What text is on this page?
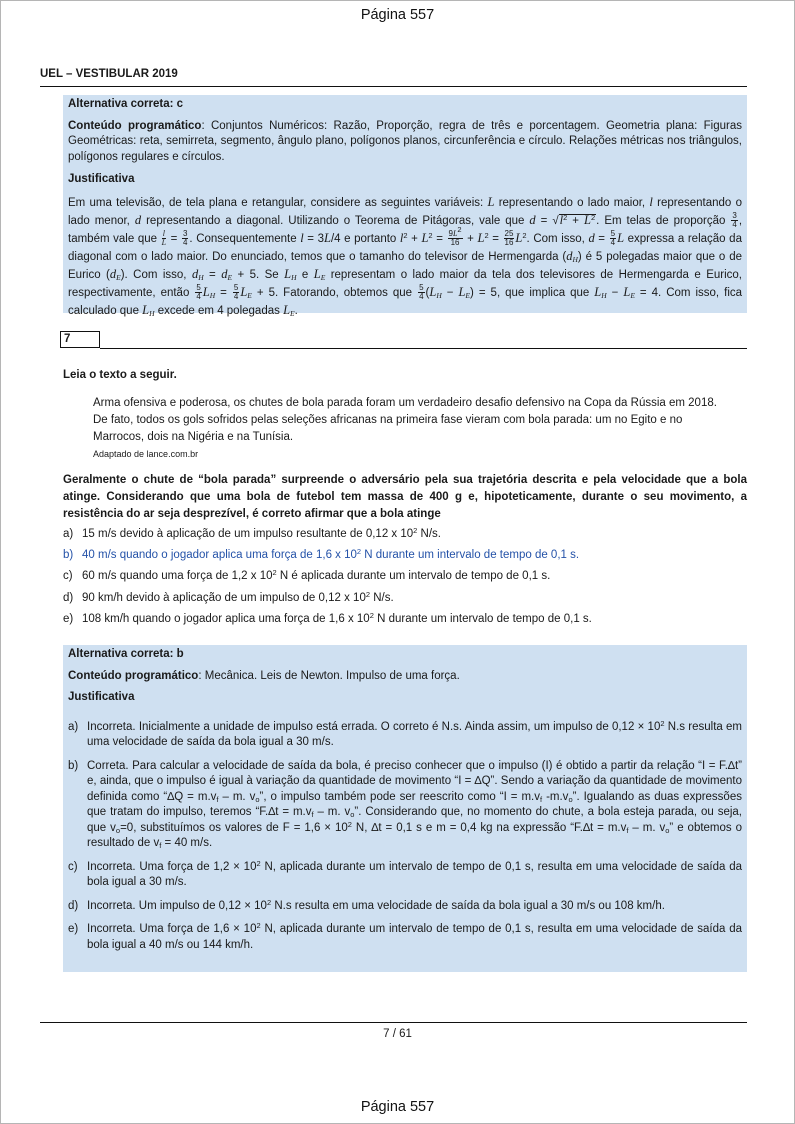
Página 557
UEL – VESTIBULAR 2019
Alternativa correta: c

Conteúdo programático: Conjuntos Numéricos: Razão, Proporção, regra de três e porcentagem. Geometria plana: Figuras Geométricas: reta, semirreta, segmento, ângulo plano, polígonos planos, circunferência e círculo. Relações métricas nos triângulos, polígonos regulares e círculos.

Justificativa

Em uma televisão, de tela plana e retangular, considere as seguintes variáveis: L representando o lado maior, l representando o lado menor, d representando a diagonal. Utilizando o Teorema de Pitágoras, vale que $d = √l^2 + L^2$. Em telas de proporção $\frac{3}{4}$ , também vale que $\frac{l}{L} = \frac{3}{4}$ . Consequentemente l = 3L/4 e portanto $l^2 + L^2 = \frac{9L^2}{16} + L^2 = \frac{25}{16} L^2$. Com isso, $d = \frac{5}{4}$ L expressa a relação da diagonal com o lado maior. Do enunciado, temos que o tamanho do televisor de Hermengarda $(d_H)$ é 5 polegadas maior que o de Eurico $(d_E)$. Com isso, $d_H = d_E + 5$. Se $L_H$ e $L_E$ representam o lado maior da tela dos televisores de Hermengarda e Eurico, respectivamente, então $\frac{5}{4} L_H = \frac{5}{4} L_E + 5$. Fatorando, obtemos que $\frac{5}{4} (L_H - L_E) = 5$, que implica que $L_H - L_E = 4$. Com isso, fica calculado que $L_H$ excede em 4 polegadas $L_E$.

7
Leia o texto a seguir.
Arma ofensiva e poderosa, os chutes de bola parada foram um verdadeiro desafio defensivo na Copa da Rússia em 2018. De fato, todos os gols sofridos pelas seleções africanas na primeira fase vieram com bola parada: um no Egito e no Marrocos, dois na Nigéria e na Tunísia.
Adaptado de lance.com.br
Geralmente o chute de “bola parada” surpreende o adversário pela sua trajetória descrita e pela velocidade que a bola atinge. Considerando que uma bola de futebol tem massa de 400 g e, hipoteticamente, durante o seu movimento, a resistência do ar seja desprezível, é correto afirmar que a bola atinge
a) 15 m/s devido à aplicação de um impulso resultante de 0,12 x $10^2$ N/s.
b) 40 m/s quando o jogador aplica uma força de 1,6 x $10^2$ N durante um intervalo de tempo de 0,1 s.
c) 60 m/s quando uma força de 1,2 x $10^2$ N é aplicada durante um intervalo de tempo de 0,1 s.
d) 90 km/h devido à aplicação de um impulso de 0,12 x $10^2$ N/s.
e) 108 km/h quando o jogador aplica uma força de 1,6 x $10^2$ N durante um intervalo de tempo de 0,1 s.
Alternativa correta: b

Conteúdo programático: Mecânica. Leis de Newton. Impulso de uma força.

Justificativa

a) Incorreta. Inicialmente a unidade de impulso está errada. O correto é N.s. Ainda assim, um impulso de $0,12 \times 10^2$ N.s resulta em uma velocidade de saída da bola igual a 30 m/s.

b) Correta. Para calcular a velocidade de saída da bola, é preciso conhecer que o impulso (I) é obtido a partir da relação “I = F.∆t” e, ainda, que o impulso é igual à variação da quantidade de movimento “I = ∆Q”. Sendo a variação da quantidade de movimento definida como “$\Delta Q = m.v_f - m$. $v_o$”, o impulso também pode ser reescrito como “$I = m.v_f$ $-m.v_o$”. Igualando as duas expressões que tratam do impulso, teremos “$F.\Delta t = m.v_f - m$. $v_o$”. Considerando que, no momento do chute, a bola esteja parada, ou seja, que $v_o=0$, substituímos os valores de $F = 1,6 \times 10^2$ N, ∆t = 0,1 s e m = 0,4 kg na expressão “$F.\Delta t = m.v_f - m$. $v_o$” e obtemos o resultado de $v_f = 40$ m/s.

c) Incorreta. Uma força de $1,2 \times 10^2$ N, aplicada durante um intervalo de tempo de 0,1 s, resulta em uma velocidade de saída da bola igual a 30 m/s.

d) Incorreta. Um impulso de $0,12 \times 10^2$ N.s resulta em uma velocidade de saída da bola igual a 30 m/s ou 108 km/h.

e) Incorreta. Uma força de $1,6 \times 10^2$ N, aplicada durante um intervalo de tempo de 0,1 s, resulta em uma velocidade de saída da bola igual a 40 m/s ou 144 km/h.

7 / 61
Página 557
